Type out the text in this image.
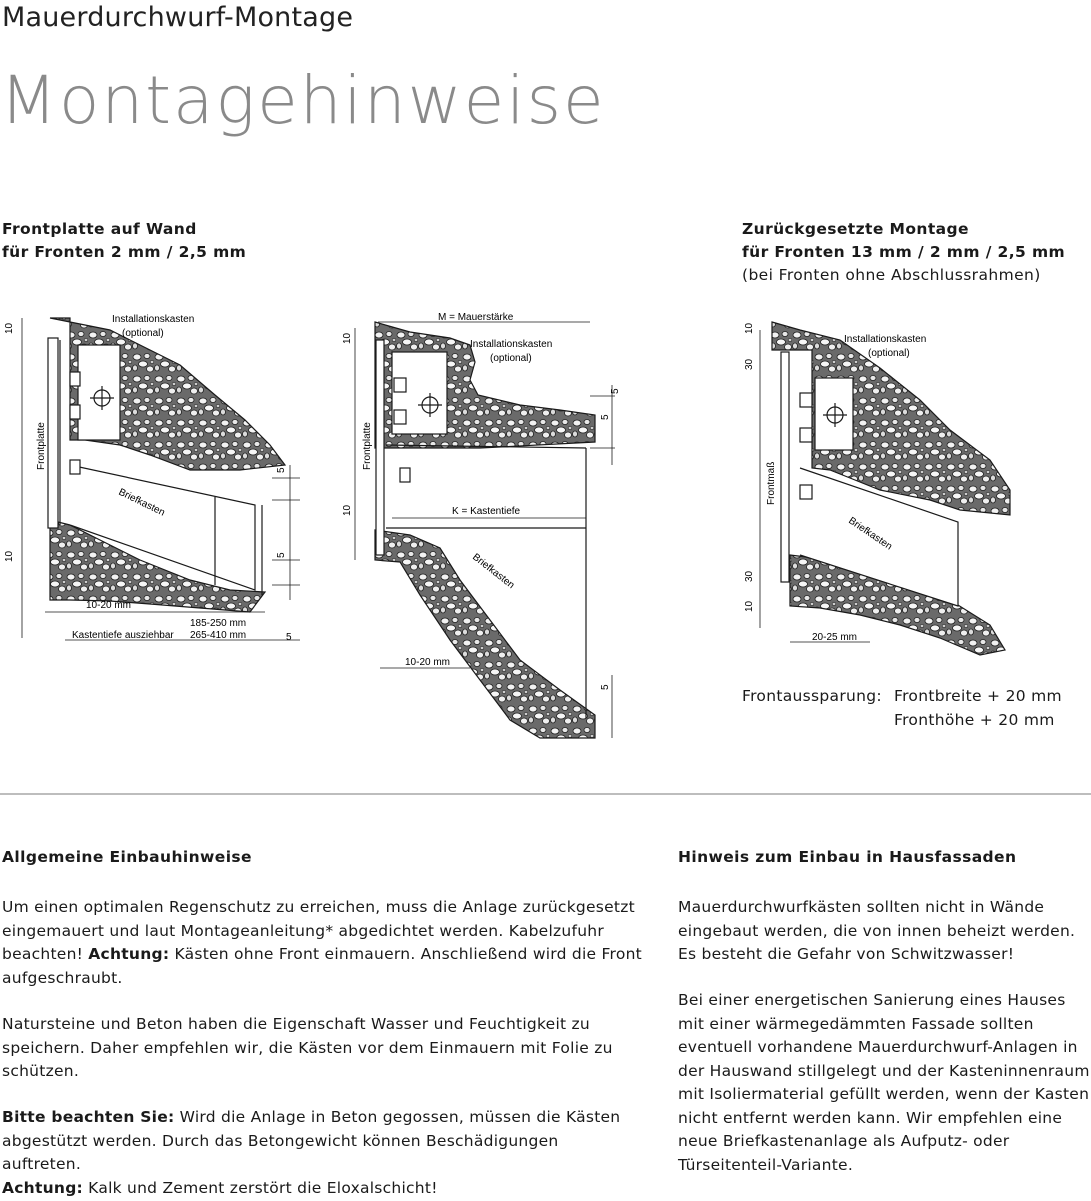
Mauerdurchwurf-Montage
Montagehinweise
Frontplatte auf Wand
für Fronten 2 mm / 2,5 mm
Zurückgesetzte Montage
für Fronten 13 mm / 2 mm / 2,5 mm
(bei Fronten ohne Abschlussrahmen)
10
10
Installationskasten
(optional)
Frontplatte
Briefkasten
5
5
5
10-20 mm
Kastentiefe ausziehbar
185-250 mm
265-410 mm
M = Mauerstärke
Installationskasten
(optional)
Frontplatte
K = Kastentiefe
Briefkasten
10
10
5
5
5
10-20 mm
10
30
30
10
Installationskasten
(optional)
Frontmaß
Briefkasten
20-25 mm
Frontaussparung: Frontbreite + 20 mm
Fronthöhe + 20 mm
Allgemeine Einbauhinweise
Um einen optimalen Regenschutz zu erreichen, muss die Anlage zurückgesetzt eingemauert und laut Montageanleitung* abgedichtet werden. Kabelzufuhr beachten! Achtung: Kästen ohne Front einmauern. Anschließend wird die Front aufgeschraubt.
Natursteine und Beton haben die Eigenschaft Wasser und Feuchtigkeit zu speichern. Daher empfehlen wir, die Kästen vor dem Einmauern mit Folie zu schützen.
Bitte beachten Sie: Wird die Anlage in Beton gegossen, müssen die Kästen abgestützt werden. Durch das Betongewicht können Beschädigungen auftreten.
Achtung: Kalk und Zement zerstört die Eloxalschicht!
Hinweis zum Einbau in Hausfassaden
Mauerdurchwurfkästen sollten nicht in Wände eingebaut werden, die von innen beheizt werden. Es besteht die Gefahr von Schwitzwasser!
Bei einer energetischen Sanierung eines Hauses mit einer wärmegedämmten Fassade sollten eventuell vorhandene Mauerdurchwurf-Anlagen in der Hauswand stillgelegt und der Kasteninnenraum mit Isoliermaterial gefüllt werden, wenn der Kasten nicht entfernt werden kann. Wir empfehlen eine neue Briefkastenanlage als Aufputz- oder Türseitenteil-Variante.
